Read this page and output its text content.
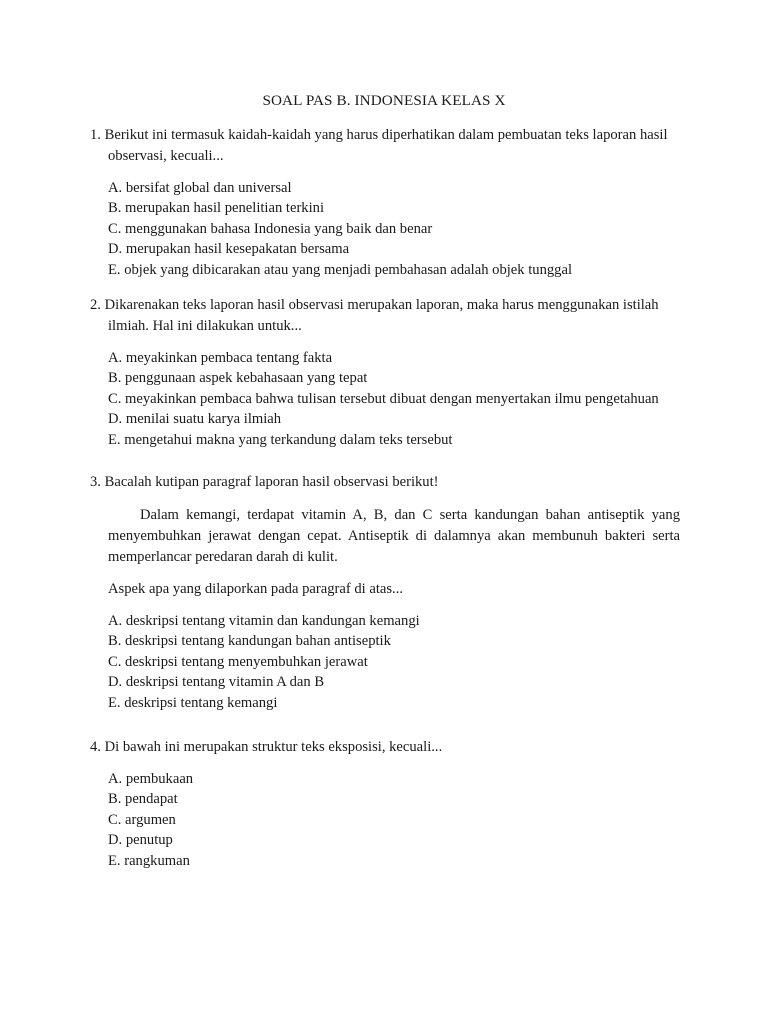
SOAL PAS B. INDONESIA KELAS X

1. Berikut ini termasuk kaidah-kaidah yang harus diperhatikan dalam pembuatan teks laporan hasil observasi, kecuali...

A. bersifat global dan universal
B. merupakan hasil penelitian terkini
C. menggunakan bahasa Indonesia yang baik dan benar
D. merupakan hasil kesepakatan bersama
E. objek yang dibicarakan atau yang menjadi pembahasan adalah objek tunggal

2. Dikarenakan teks laporan hasil observasi merupakan laporan, maka harus menggunakan istilah ilmiah. Hal ini dilakukan untuk...

A. meyakinkan pembaca tentang fakta
B. penggunaan aspek kebahasaan yang tepat
C. meyakinkan pembaca bahwa tulisan tersebut dibuat dengan menyertakan ilmu pengetahuan
D. menilai suatu karya ilmiah
E. mengetahui makna yang terkandung dalam teks tersebut

3. Bacalah kutipan paragraf laporan hasil observasi berikut!

Dalam kemangi, terdapat vitamin A, B, dan C serta kandungan bahan antiseptik yang menyembuhkan jerawat dengan cepat. Antiseptik di dalamnya akan membunuh bakteri serta memperlancar peredaran darah di kulit.

Aspek apa yang dilaporkan pada paragraf di atas...

A. deskripsi tentang vitamin dan kandungan kemangi
B. deskripsi tentang kandungan bahan antiseptik
C. deskripsi tentang menyembuhkan jerawat
D. deskripsi tentang vitamin A dan B
E. deskripsi tentang kemangi

4. Di bawah ini merupakan struktur teks eksposisi, kecuali...

A. pembukaan
B. pendapat
C. argumen
D. penutup
E. rangkuman
